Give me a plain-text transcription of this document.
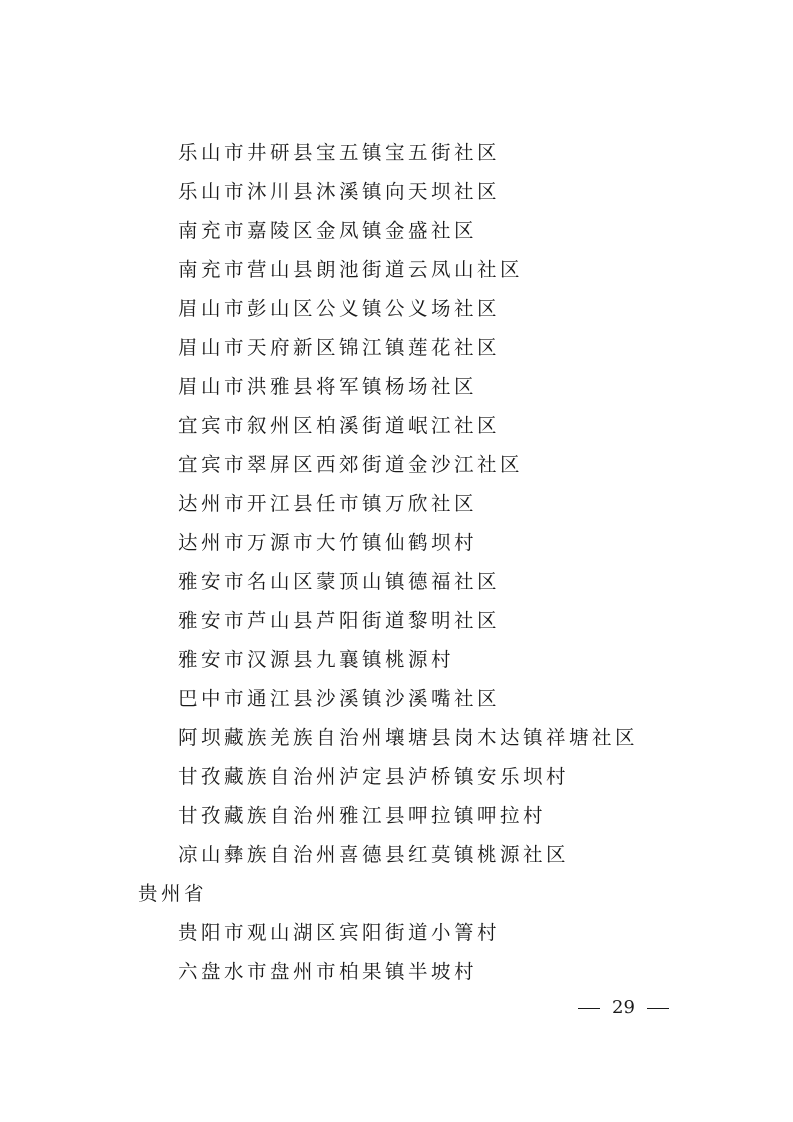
乐山市井研县宝五镇宝五街社区
乐山市沐川县沐溪镇向天坝社区
南充市嘉陵区金凤镇金盛社区
南充市营山县朗池街道云凤山社区
眉山市彭山区公义镇公义场社区
眉山市天府新区锦江镇莲花社区
眉山市洪雅县将军镇杨场社区
宜宾市叙州区柏溪街道岷江社区
宜宾市翠屏区西郊街道金沙江社区
达州市开江县任市镇万欣社区
达州市万源市大竹镇仙鹤坝村
雅安市名山区蒙顶山镇德福社区
雅安市芦山县芦阳街道黎明社区
雅安市汉源县九襄镇桃源村
巴中市通江县沙溪镇沙溪嘴社区
阿坝藏族羌族自治州壤塘县岗木达镇祥塘社区
甘孜藏族自治州泸定县泸桥镇安乐坝村
甘孜藏族自治州雅江县呷拉镇呷拉村
凉山彝族自治州喜德县红莫镇桃源社区
贵州省
贵阳市观山湖区宾阳街道小箐村
六盘水市盘州市柏果镇半坡村
29
